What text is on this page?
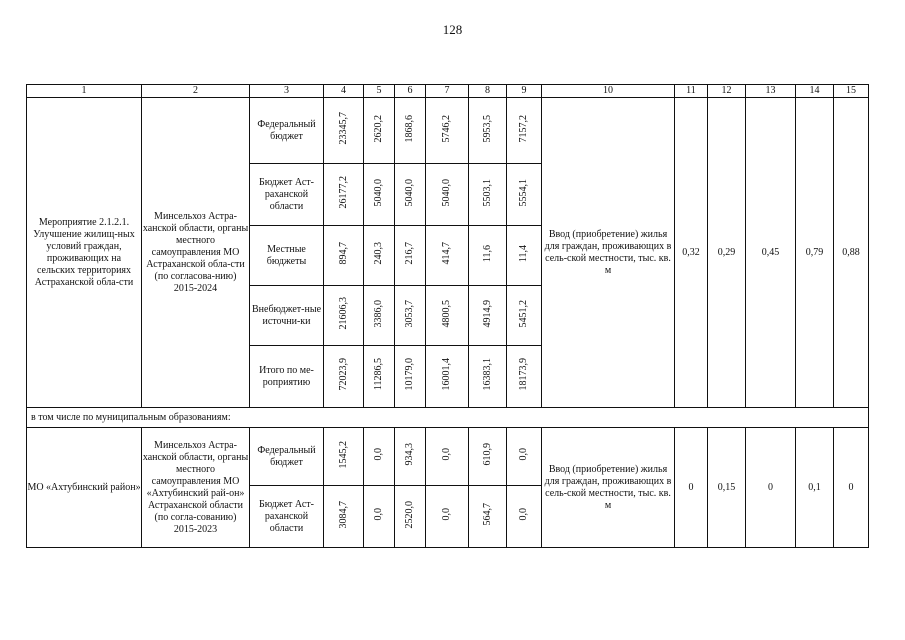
128
1	2	3	4	5	6	7	8	9	10	11	12	13	14	15
Мероприятие 2.1.2.1. Улучшение жилищ-ных условий граждан, проживающих на сельских территориях Астраханской обла-сти	Минсельхоз Астра-ханской области, органы местного самоуправления МО Астраханской обла-сти (по согласова-нию) 2015-2024	Федеральный бюджет	23345,7	2620,2	1868,6	5746,2	5953,5	7157,2	Ввод (приобретение) жилья для граждан, проживающих в сель-ской местности, тыс. кв. м	0,32	0,29	0,45	0,79	0,88
		Бюджет Аст-раханской области	26177,2	5040,0	5040,0	5040,0	5503,1	5554,1						
		Местные бюджеты	894,7	240,3	216,7	414,7	11,6	11,4						
		Внебюджет-ные источни-ки	21606,3	3386,0	3053,7	4800,5	4914,9	5451,2						
		Итого по ме-роприятию	72023,9	11286,5	10179,0	16001,4	16383,1	18173,9						
в том числе по муниципальным образованиям:														
МО «Ахтубинский район»	Минсельхоз Астра-ханской области, органы местного самоуправления МО «Ахтубинский рай-он» Астраханской области (по согла-сованию) 2015-2023	Федеральный бюджет	1545,2	0,0	934,3	0,0	610,9	0,0	Ввод (приобретение) жилья для граждан, проживающих в сель-ской местности, тыс. кв. м	0	0,15	0	0,1	0
		Бюджет Аст-раханской области	3084,7	0,0	2520,0	0,0	564,7	0,0						
